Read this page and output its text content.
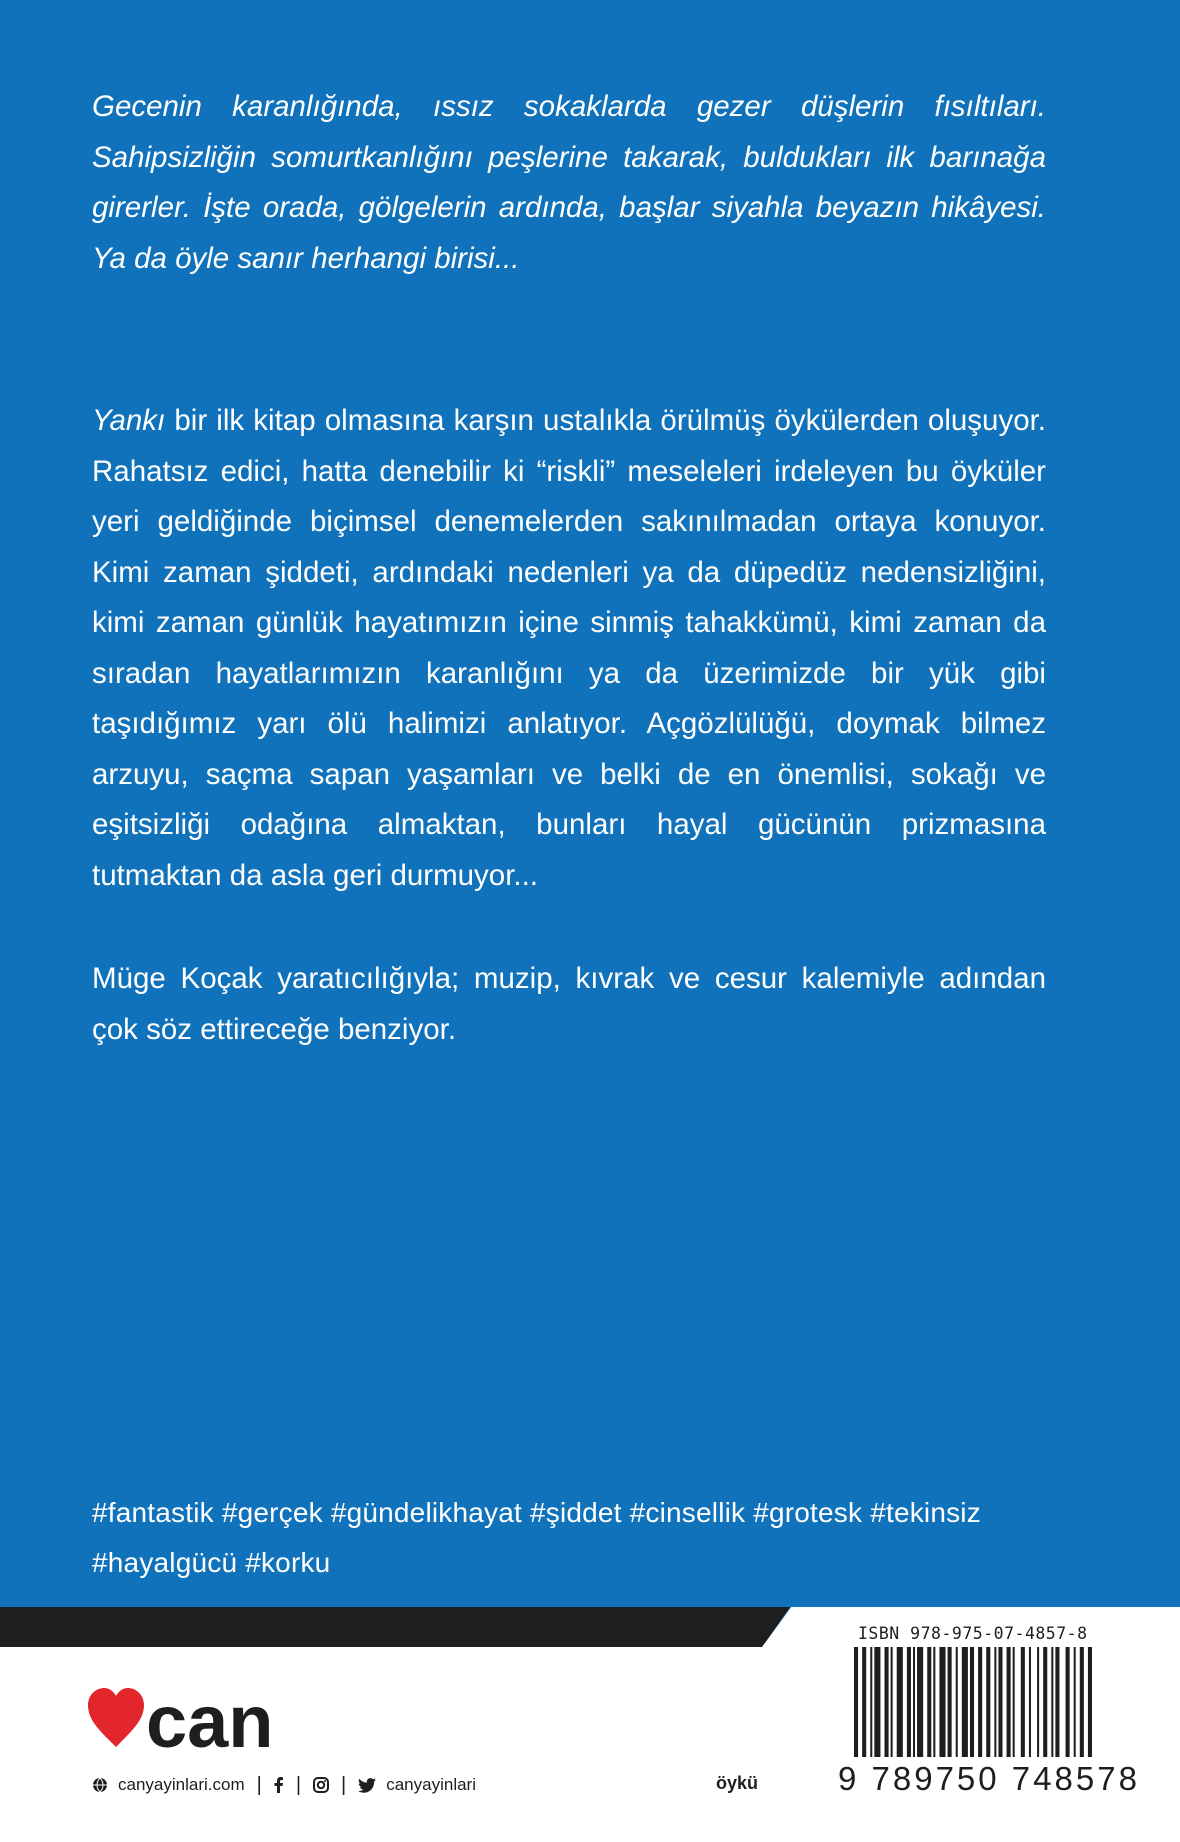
Gecenin karanlığında, ıssız sokaklarda gezer düşlerin fısıltıları. Sahipsizliğin somurtkanlığını peşlerine takarak, buldukları ilk barınağa girerler. İşte orada, gölgelerin ardında, başlar siyahla beyazın hikâyesi. Ya da öyle sanır herhangi birisi...
Yankı bir ilk kitap olmasına karşın ustalıkla örülmüş öykülerden oluşuyor. Rahatsız edici, hatta denebilir ki “riskli” meseleleri irdeleyen bu öyküler yeri geldiğinde biçimsel denemelerden sakınılmadan ortaya konuyor. Kimi zaman şiddeti, ardındaki nedenleri ya da düpedüz nedensizliğini, kimi zaman günlük hayatımızın içine sinmiş tahakkümü, kimi zaman da sıradan hayatlarımızın karanlığını ya da üzerimizde bir yük gibi taşıdığımız yarı ölü halimizi anlatıyor. Açgözlülüğü, doymak bilmez arzuyu, saçma sapan yaşamları ve belki de en önemlisi, sokağı ve eşitsizliği odağına almaktan, bunları hayal gücünün prizmasına tutmaktan da asla geri durmuyor...
Müge Koçak yaratıcılığıyla; muzip, kıvrak ve cesur kalemiyle adından çok söz ettireceğe benziyor.
#fantastik #gerçek #gündelikhayat #şiddet #cinsellik #grotesk #tekinsiz #hayalgücü #korku
can
canyayinlari.com | | | canyayinlari	öykü
ISBN 978-975-07-4857-8
9 789750 748578
